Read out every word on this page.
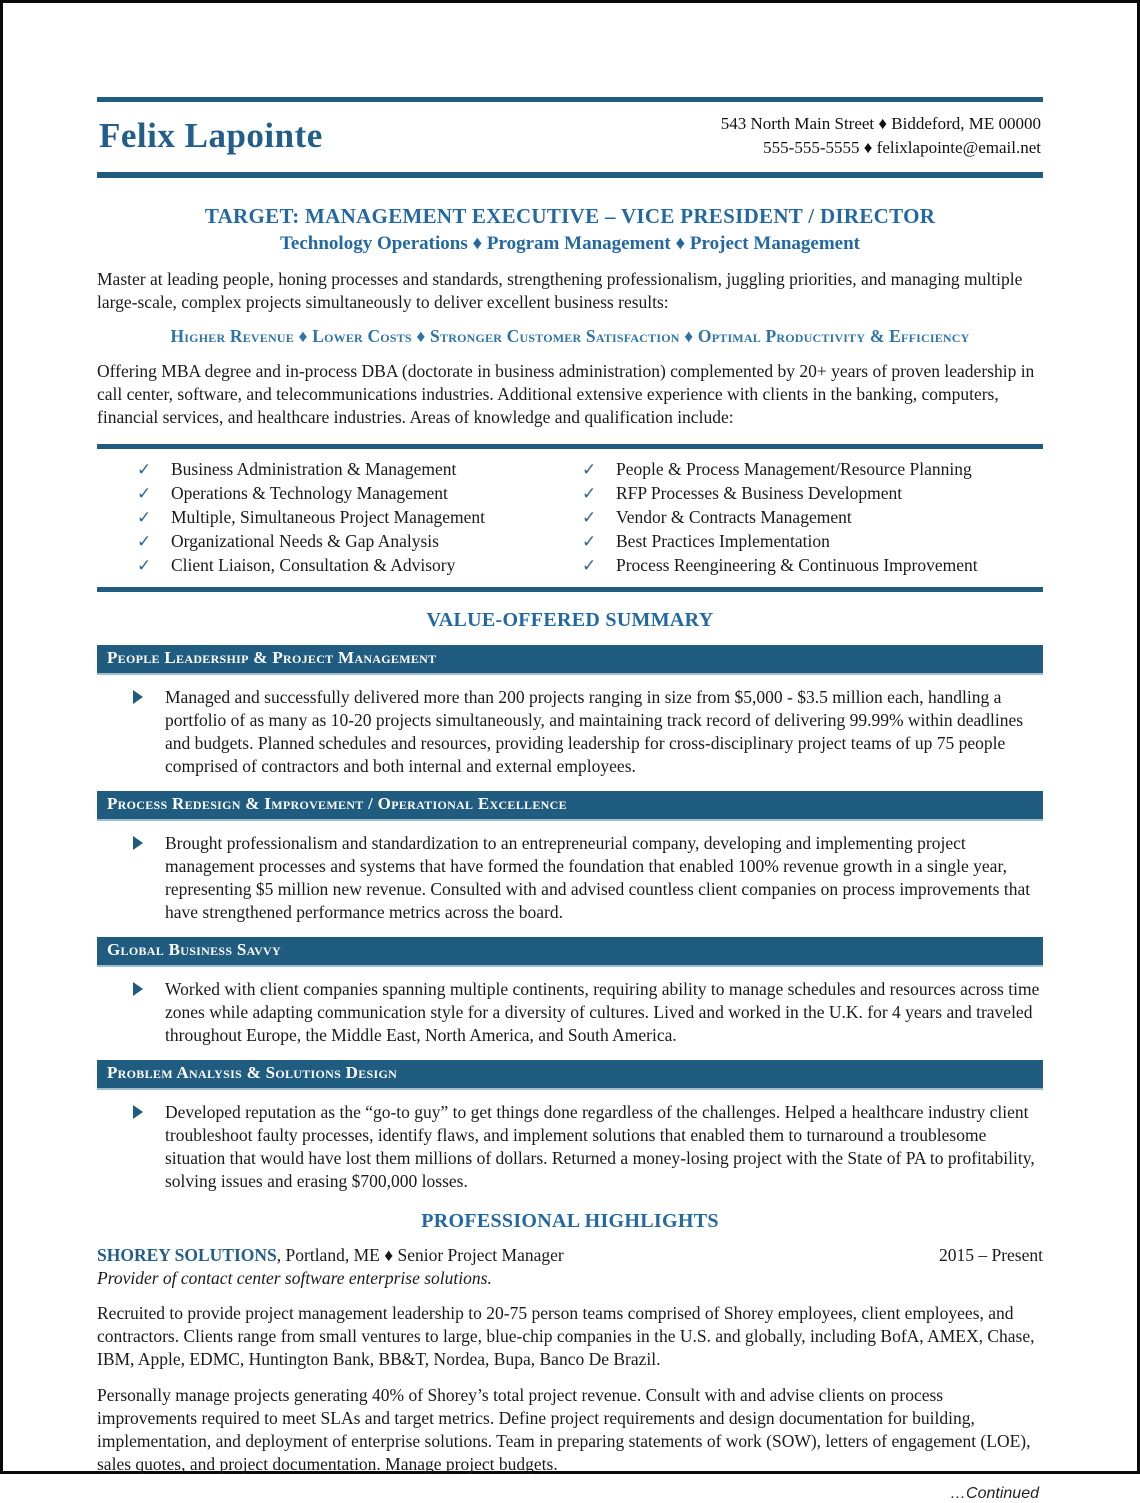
Felix Lapointe	543 North Main Street ♦ Biddeford, ME 00000
555-555-5555 ♦ felixlapointe@email.net
TARGET: MANAGEMENT EXECUTIVE – VICE PRESIDENT / DIRECTOR
Technology Operations ♦ Program Management ♦ Project Management
Master at leading people, honing processes and standards, strengthening professionalism, juggling priorities, and managing multiple large-scale, complex projects simultaneously to deliver excellent business results:
Higher Revenue ♦ Lower Costs ♦ Stronger Customer Satisfaction ♦ Optimal Productivity & Efficiency
Offering MBA degree and in-process DBA (doctorate in business administration) complemented by 20+ years of proven leadership in call center, software, and telecommunications industries. Additional extensive experience with clients in the banking, computers, financial services, and healthcare industries. Areas of knowledge and qualification include:
✓	Business Administration & Management
✓	Operations & Technology Management
✓	Multiple, Simultaneous Project Management
✓	Organizational Needs & Gap Analysis
✓	Client Liaison, Consultation & Advisory
✓	People & Process Management/Resource Planning
✓	RFP Processes & Business Development
✓	Vendor & Contracts Management
✓	Best Practices Implementation
✓	Process Reengineering & Continuous Improvement
VALUE-OFFERED SUMMARY
People Leadership & Project Management
Managed and successfully delivered more than 200 projects ranging in size from $5,000 - $3.5 million each, handling a portfolio of as many as 10-20 projects simultaneously, and maintaining track record of delivering 99.99% within deadlines and budgets. Planned schedules and resources, providing leadership for cross-disciplinary project teams of up 75 people comprised of contractors and both internal and external employees.
Process Redesign & Improvement / Operational Excellence
Brought professionalism and standardization to an entrepreneurial company, developing and implementing project management processes and systems that have formed the foundation that enabled 100% revenue growth in a single year, representing $5 million new revenue. Consulted with and advised countless client companies on process improvements that have strengthened performance metrics across the board.
Global Business Savvy
Worked with client companies spanning multiple continents, requiring ability to manage schedules and resources across time zones while adapting communication style for a diversity of cultures. Lived and worked in the U.K. for 4 years and traveled throughout Europe, the Middle East, North America, and South America.
Problem Analysis & Solutions Design
Developed reputation as the “go-to guy” to get things done regardless of the challenges. Helped a healthcare industry client troubleshoot faulty processes, identify flaws, and implement solutions that enabled them to turnaround a troublesome situation that would have lost them millions of dollars. Returned a money-losing project with the State of PA to profitability, solving issues and erasing $700,000 losses.
PROFESSIONAL HIGHLIGHTS
SHOREY SOLUTIONS, Portland, ME ♦ Senior Project Manager	2015 – Present
Provider of contact center software enterprise solutions.
Recruited to provide project management leadership to 20-75 person teams comprised of Shorey employees, client employees, and contractors. Clients range from small ventures to large, blue-chip companies in the U.S. and globally, including BofA, AMEX, Chase, IBM, Apple, EDMC, Huntington Bank, BB&T, Nordea, Bupa, Banco De Brazil.
Personally manage projects generating 40% of Shorey’s total project revenue. Consult with and advise clients on process improvements required to meet SLAs and target metrics. Define project requirements and design documentation for building, implementation, and deployment of enterprise solutions. Team in preparing statements of work (SOW), letters of engagement (LOE), sales quotes, and project documentation. Manage project budgets.
…Continued
